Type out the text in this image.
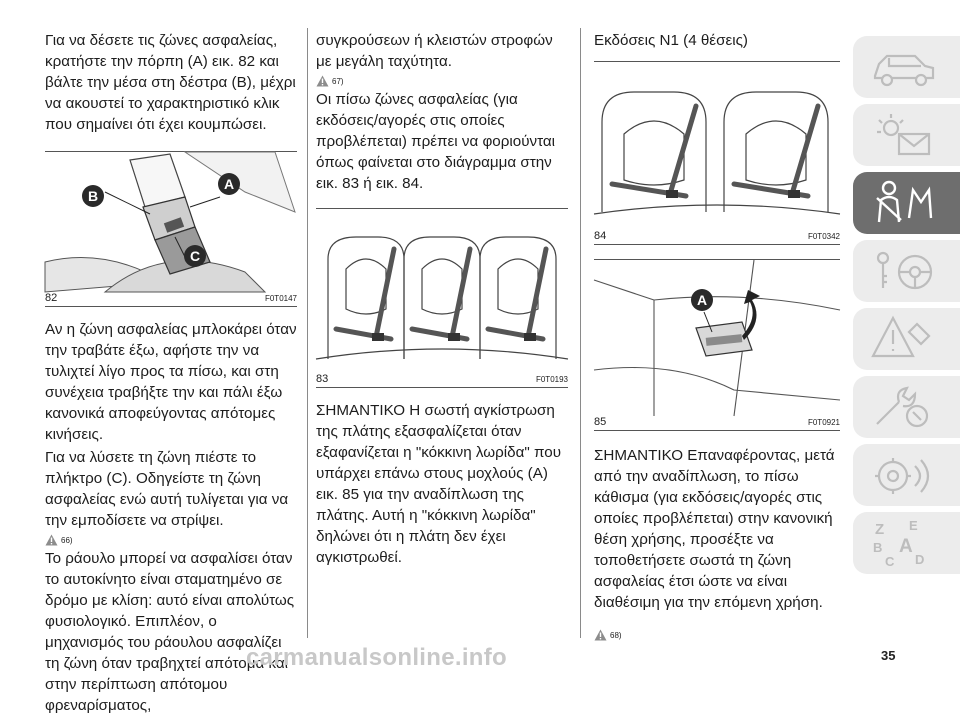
Για να δέσετε τις ζώνες ασφαλείας, κρατήστε την πόρπη (A) εικ. 82 και βάλτε την μέσα στη δέστρα (B), μέχρι να ακουστεί το χαρακτηριστικό κλικ που σημαίνει ότι έχει κουμπώσει.

A
B
C
82	F0T0147

Αν η ζώνη ασφαλείας μπλοκάρει όταν την τραβάτε έξω, αφήστε την να τυλιχτεί λίγο προς τα πίσω, και στη συνέχεια τραβήξτε την και πάλι έξω κανονικά αποφεύγοντας απότομες κινήσεις.

Για να λύσετε τη ζώνη πιέστε το πλήκτρο (C). Οδηγείστε τη ζώνη ασφαλείας ενώ αυτή τυλίγεται για να την εμποδίσετε να στρίψει.

66)

Το ράουλο μπορεί να ασφαλίσει όταν το αυτοκίνητο είναι σταματημένο σε δρόμο με κλίση: αυτό είναι απολύτως φυσιολογικό. Επιπλέον, ο μηχανισμός του ράουλου ασφαλίζει τη ζώνη όταν τραβηχτεί απότομα και στην περίπτωση απότομου φρεναρίσματος,

συγκρούσεων ή κλειστών στροφών με μεγάλη ταχύτητα.

67)

Οι πίσω ζώνες ασφαλείας (για εκδόσεις/αγορές στις οποίες προβλέπεται) πρέπει να φοριούνται όπως φαίνεται στο διάγραμμα στην εικ. 83 ή εικ. 84.

83	F0T0193

ΣΗΜΑΝΤΙΚΟ Η σωστή αγκίστρωση της πλάτης εξασφαλίζεται όταν εξαφανίζεται η "κόκκινη λωρίδα" που υπάρχει επάνω στους μοχλούς (A) εικ. 85 για την αναδίπλωση της πλάτης. Αυτή η "κόκκινη λωρίδα" δηλώνει ότι η πλάτη δεν έχει αγκιστρωθεί.

Εκδόσεις N1 (4 θέσεις)

84	F0T0342
A
85	F0T0921

ΣΗΜΑΝΤΙΚΟ Επαναφέροντας, μετά από την αναδίπλωση, το πίσω κάθισμα (για εκδόσεις/αγορές στις οποίες προβλέπεται) στην κανονική θέση χρήσης, προσέξτε να τοποθετήσετε σωστά τη ζώνη ασφαλείας έτσι ώστε να είναι διαθέσιμη για την επόμενη χρήση.

68)
Z E
B A
C D
35
carmanualsonline.info
